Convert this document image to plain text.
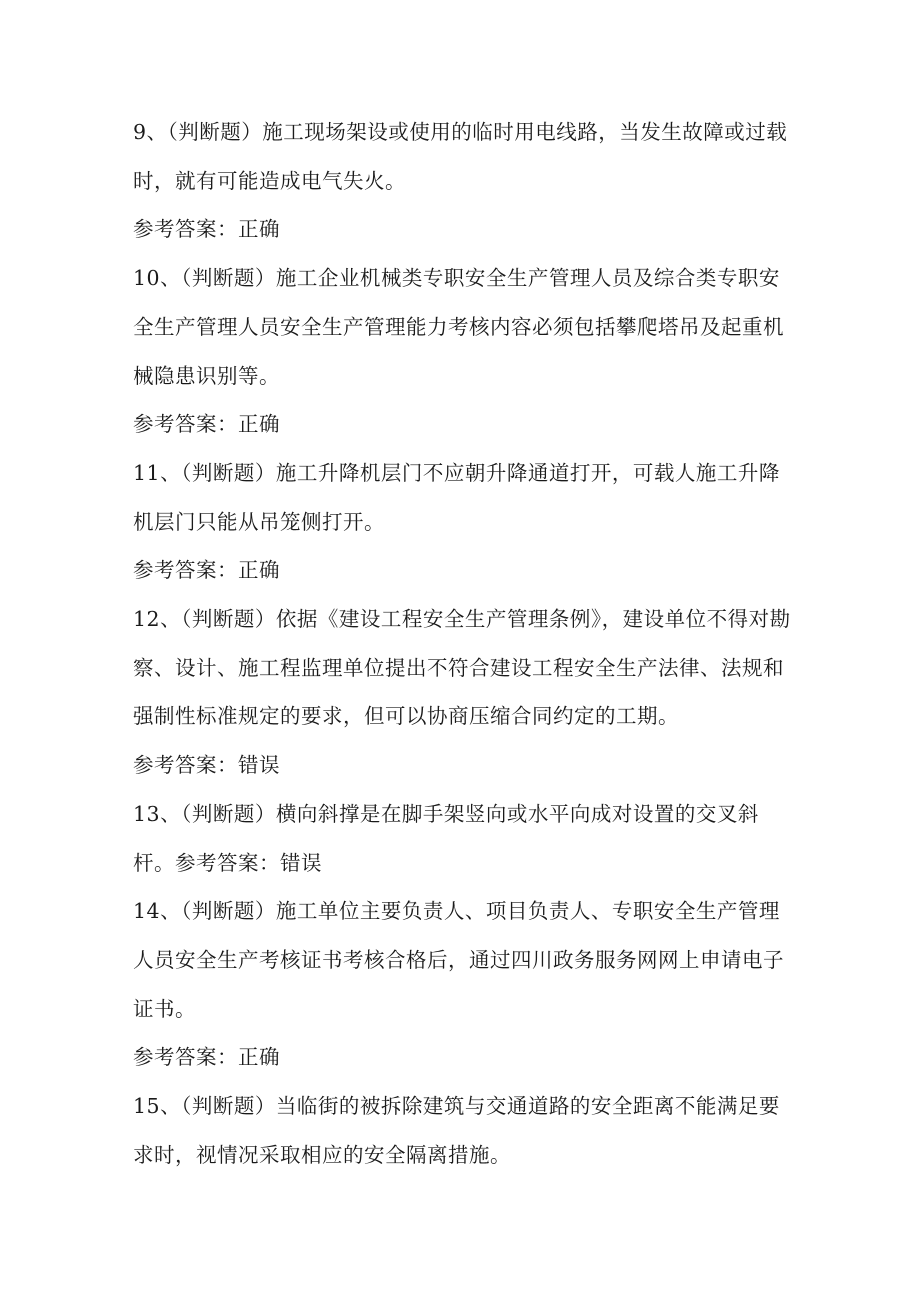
9、（判断题）施工现场架设或使用的临时用电线路，当发生故障或过载时，就有可能造成电气失火。

参考答案：正确

10、（判断题）施工企业机械类专职安全生产管理人员及综合类专职安全生产管理人员安全生产管理能力考核内容必须包括攀爬塔吊及起重机械隐患识别等。

参考答案：正确

11、（判断题）施工升降机层门不应朝升降通道打开，可载人施工升降机层门只能从吊笼侧打开。

参考答案：正确

12、（判断题）依据《建设工程安全生产管理条例》，建设单位不得对勘察、设计、施工程监理单位提出不符合建设工程安全生产法律、法规和强制性标准规定的要求，但可以协商压缩合同约定的工期。

参考答案：错误

13、（判断题）横向斜撑是在脚手架竖向或水平向成对设置的交叉斜杆。参考答案：错误

14、（判断题）施工单位主要负责人、项目负责人、专职安全生产管理人员安全生产考核证书考核合格后，通过四川政务服务网网上申请电子证书。

参考答案：正确

15、（判断题）当临街的被拆除建筑与交通道路的安全距离不能满足要求时，视情况采取相应的安全隔离措施。
